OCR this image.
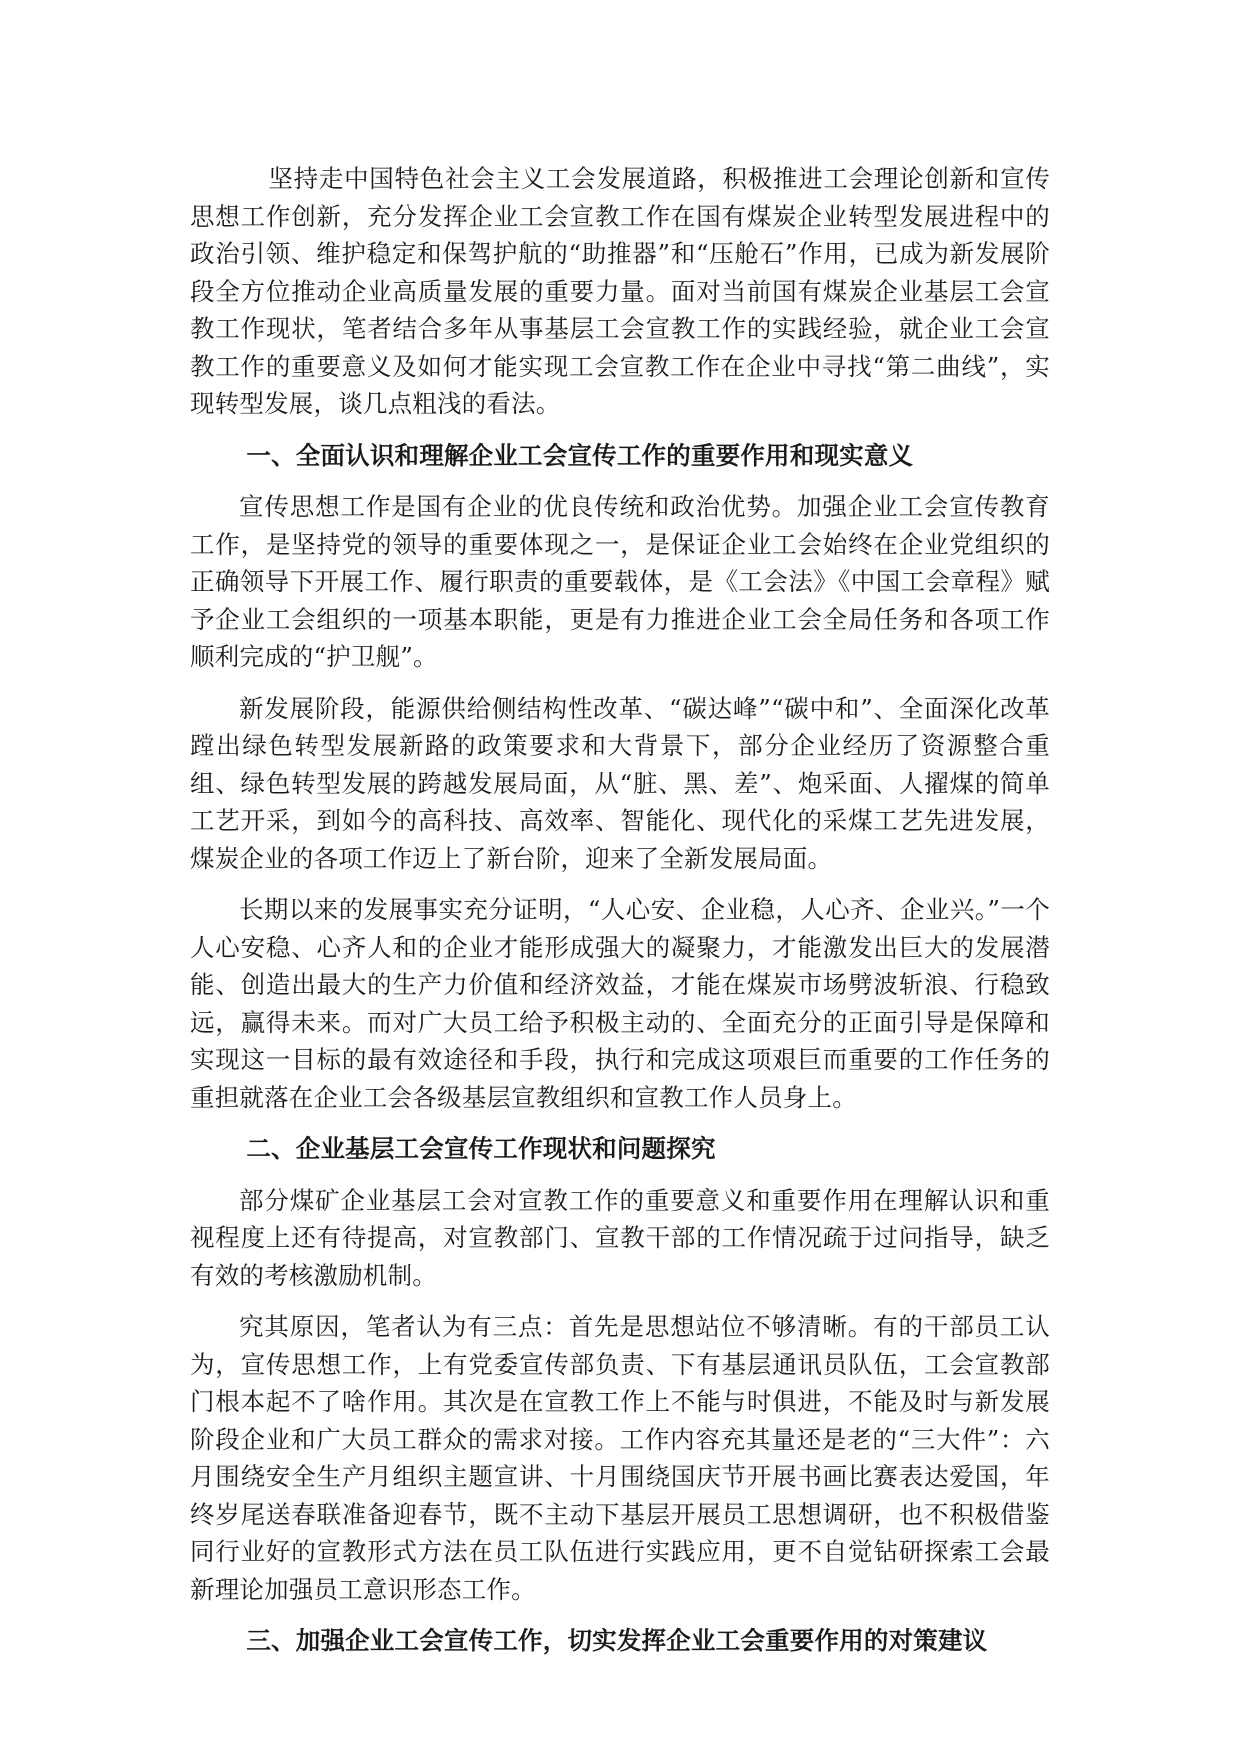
坚持走中国特色社会主义工会发展道路，积极推进工会理论创新和宣传思想工作创新，充分发挥企业工会宣教工作在国有煤炭企业转型发展进程中的政治引领、维护稳定和保驾护航的“助推器”和“压舱石”作用，已成为新发展阶段全方位推动企业高质量发展的重要力量。面对当前国有煤炭企业基层工会宣教工作现状，笔者结合多年从事基层工会宣教工作的实践经验，就企业工会宣教工作的重要意义及如何才能实现工会宣教工作在企业中寻找“第二曲线”，实现转型发展，谈几点粗浅的看法。

一、全面认识和理解企业工会宣传工作的重要作用和现实意义

宣传思想工作是国有企业的优良传统和政治优势。加强企业工会宣传教育工作，是坚持党的领导的重要体现之一，是保证企业工会始终在企业党组织的正确领导下开展工作、履行职责的重要载体，是《工会法》《中国工会章程》赋予企业工会组织的一项基本职能，更是有力推进企业工会全局任务和各项工作顺利完成的“护卫舰”。

新发展阶段，能源供给侧结构性改革、“碳达峰”“碳中和”、全面深化改革蹚出绿色转型发展新路的政策要求和大背景下，部分企业经历了资源整合重组、绿色转型发展的跨越发展局面，从“脏、黑、差”、炮采面、人擢煤的简单工艺开采，到如今的高科技、高效率、智能化、现代化的采煤工艺先进发展，煤炭企业的各项工作迈上了新台阶，迎来了全新发展局面。

长期以来的发展事实充分证明，“人心安、企业稳，人心齐、企业兴。”一个人心安稳、心齐人和的企业才能形成强大的凝聚力，才能激发出巨大的发展潜能、创造出最大的生产力价值和经济效益，才能在煤炭市场劈波斩浪、行稳致远，赢得未来。而对广大员工给予积极主动的、全面充分的正面引导是保障和实现这一目标的最有效途径和手段，执行和完成这项艰巨而重要的工作任务的重担就落在企业工会各级基层宣教组织和宣教工作人员身上。

二、企业基层工会宣传工作现状和问题探究

部分煤矿企业基层工会对宣教工作的重要意义和重要作用在理解认识和重视程度上还有待提高，对宣教部门、宣教干部的工作情况疏于过问指导，缺乏有效的考核激励机制。

究其原因，笔者认为有三点：首先是思想站位不够清晰。有的干部员工认为，宣传思想工作，上有党委宣传部负责、下有基层通讯员队伍，工会宣教部门根本起不了啥作用。其次是在宣教工作上不能与时俱进，不能及时与新发展阶段企业和广大员工群众的需求对接。工作内容充其量还是老的“三大件”：六月围绕安全生产月组织主题宣讲、十月围绕国庆节开展书画比赛表达爱国，年终岁尾送春联准备迎春节，既不主动下基层开展员工思想调研，也不积极借鉴同行业好的宣教形式方法在员工队伍进行实践应用，更不自觉钻研探索工会最新理论加强员工意识形态工作。

三、加强企业工会宣传工作，切实发挥企业工会重要作用的对策建议
